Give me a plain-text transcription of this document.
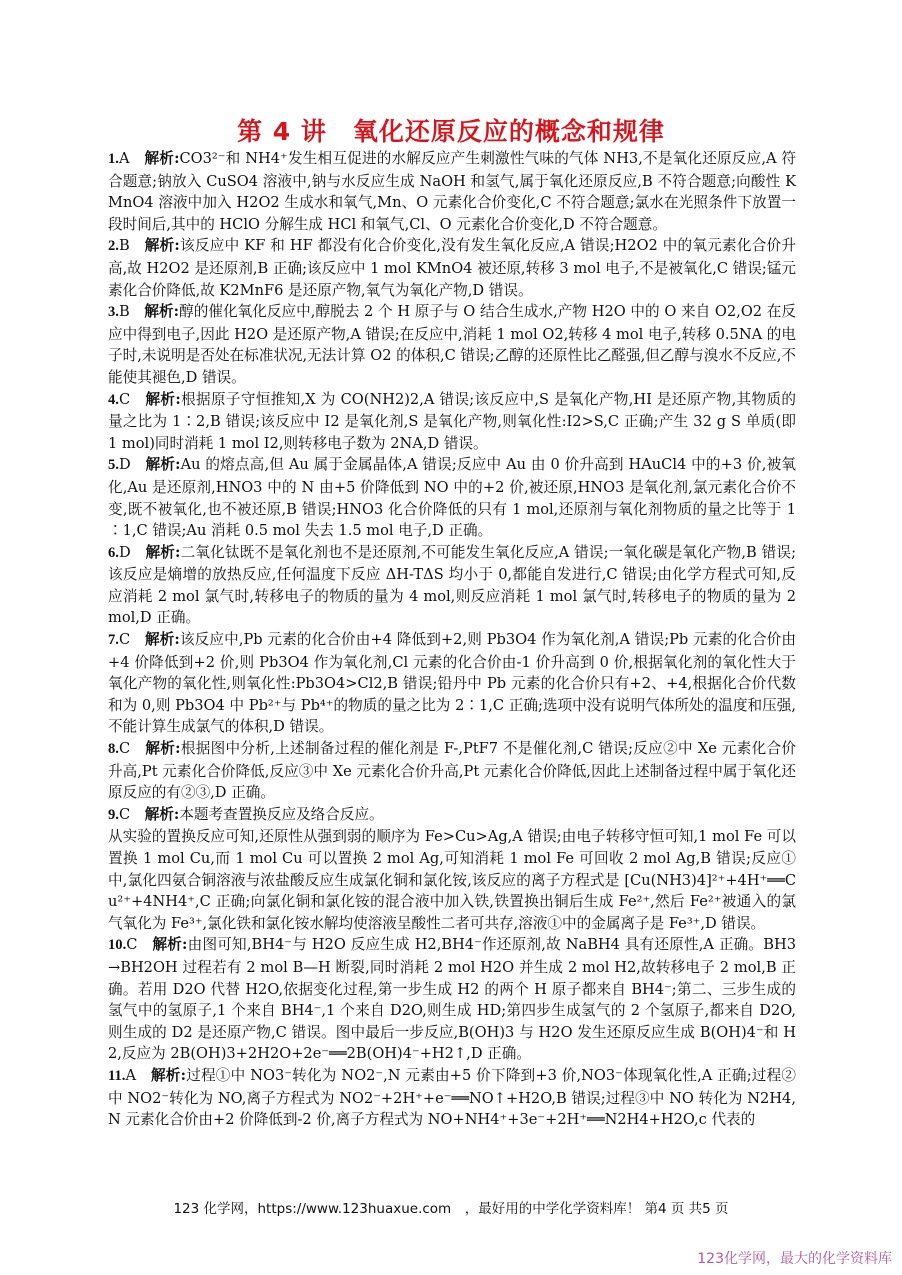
第 4 讲　氧化还原反应的概念和规律

1.A　 解析:CO3²⁻和 NH4⁺发生相互促进的水解反应产生刺激性气味的气体 NH3,不是氧化还原反应,A 符合题意;钠放入 CuSO4 溶液中,钠与水反应生成 NaOH 和氢气,属于氧化还原反应,B 不符合题意;向酸性 KMnO4 溶液中加入 H2O2 生成水和氧气,Mn、O 元素化合价变化,C 不符合题意;氯水在光照条件下放置一段时间后,其中的 HClO 分解生成 HCl 和氧气,Cl、O 元素化合价变化,D 不符合题意。

2.B　 解析:该反应中 KF 和 HF 都没有化合价变化,没有发生氧化反应,A 错误;H2O2 中的氧元素化合价升高,故 H2O2 是还原剂,B 正确;该反应中 1 mol KMnO4 被还原,转移 3 mol 电子,不是被氧化,C 错误;锰元素化合价降低,故 K2MnF6 是还原产物,氧气为氧化产物,D 错误。

3.B　 解析:醇的催化氧化反应中,醇脱去 2 个 H 原子与 O 结合生成水,产物 H2O 中的 O 来自 O2,O2 在反应中得到电子,因此 H2O 是还原产物,A 错误;在反应中,消耗 1 mol O2,转移 4 mol 电子,转移 0.5NA 的电子时,未说明是否处在标准状况,无法计算 O2 的体积,C 错误;乙醇的还原性比乙醛强,但乙醇与溴水不反应,不能使其褪色,D 错误。

4.C　 解析:根据原子守恒推知,X 为 CO(NH2)2,A 错误;该反应中,S 是氧化产物,HI 是还原产物,其物质的量之比为 1∶2,B 错误;该反应中 I2 是氧化剂,S 是氧化产物,则氧化性:I2>S,C 正确;产生 32 g S 单质(即 1 mol)同时消耗 1 mol I2,则转移电子数为 2NA,D 错误。

5.D　 解析:Au 的熔点高,但 Au 属于金属晶体,A 错误;反应中 Au 由 0 价升高到 HAuCl4 中的+3 价,被氧化,Au 是还原剂,HNO3 中的 N 由+5 价降低到 NO 中的+2 价,被还原,HNO3 是氧化剂,氯元素化合价不变,既不被氧化,也不被还原,B 错误;HNO3 化合价降低的只有 1 mol,还原剂与氧化剂物质的量之比等于 1∶1,C 错误;Au 消耗 0.5 mol 失去 1.5 mol 电子,D 正确。

6.D　 解析:二氧化钛既不是氧化剂也不是还原剂,不可能发生氧化反应,A 错误;一氧化碳是氧化产物,B 错误;该反应是熵增的放热反应,任何温度下反应 ΔH-TΔS 均小于 0,都能自发进行,C 错误;由化学方程式可知,反应消耗 2 mol 氯气时,转移电子的物质的量为 4 mol,则反应消耗 1 mol 氯气时,转移电子的物质的量为 2 mol,D 正确。

7.C　 解析:该反应中,Pb 元素的化合价由+4 降低到+2,则 Pb3O4 作为氧化剂,A 错误;Pb 元素的化合价由+4 价降低到+2 价,则 Pb3O4 作为氧化剂,Cl 元素的化合价由-1 价升高到 0 价,根据氧化剂的氧化性大于氧化产物的氧化性,则氧化性:Pb3O4>Cl2,B 错误;铅丹中 Pb 元素的化合价只有+2、+4,根据化合价代数和为 0,则 Pb3O4 中 Pb²⁺与 Pb⁴⁺的物质的量之比为 2∶1,C 正确;选项中没有说明气体所处的温度和压强,不能计算生成氯气的体积,D 错误。

8.C　 解析:根据图中分析,上述制备过程的催化剂是 F-,PtF7 不是催化剂,C 错误;反应②中 Xe 元素化合价升高,Pt 元素化合价降低,反应③中 Xe 元素化合价升高,Pt 元素化合价降低,因此上述制备过程中属于氧化还原反应的有②③,D 正确。

9.C　 解析:本题考查置换反应及络合反应。

从实验的置换反应可知,还原性从强到弱的顺序为 Fe>Cu>Ag,A 错误;由电子转移守恒可知,1 mol Fe 可以置换 1 mol Cu,而 1 mol Cu 可以置换 2 mol Ag,可知消耗 1 mol Fe 可回收 2 mol Ag,B 错误;反应①中,氯化四氨合铜溶液与浓盐酸反应生成氯化铜和氯化铵,该反应的离子方程式是 [Cu(NH3)4]²⁺+4H⁺══Cu²⁺+4NH4⁺,C 正确;向氯化铜和氯化铵的混合液中加入铁,铁置换出铜后生成 Fe²⁺,然后 Fe²⁺被通入的氯气氧化为 Fe³⁺,氯化铁和氯化铵水解均使溶液呈酸性二者可共存,溶液①中的金属离子是 Fe³⁺,D 错误。

10.C　 解析:由图可知,BH4⁻与 H2O 反应生成 H2,BH4⁻作还原剂,故 NaBH4 具有还原性,A 正确。BH3→BH2OH 过程若有 2 mol B—H 断裂,同时消耗 2 mol H2O 并生成 2 mol H2,故转移电子 2 mol,B 正确。若用 D2O 代替 H2O,依据变化过程,第一步生成 H2 的两个 H 原子都来自 BH4⁻;第二、三步生成的氢气中的氢原子,1 个来自 BH4⁻,1 个来自 D2O,则生成 HD;第四步生成氢气的 2 个氢原子,都来自 D2O,则生成的 D2 是还原产物,C 错误。图中最后一步反应,B(OH)3 与 H2O 发生还原反应生成 B(OH)4⁻和 H2,反应为 2B(OH)3+2H2O+2e⁻══2B(OH)4⁻+H2↑,D 正确。

11.A　 解析:过程①中 NO3⁻转化为 NO2⁻,N 元素由+5 价下降到+3 价,NO3⁻体现氧化性,A 正确;过程②中 NO2⁻转化为 NO,离子方程式为 NO2⁻+2H⁺+e⁻══NO↑+H2O,B 错误;过程③中 NO 转化为 N2H4,N 元素化合价由+2 价降低到-2 价,离子方程式为 NO+NH4⁺+3e⁻+2H⁺══N2H4+H2O,c 代表的

123 化学网，https://www.123huaxue.com　，最好用的中学化学资料库！ 第4 页 共5 页
123化学网，最大的化学资料库
